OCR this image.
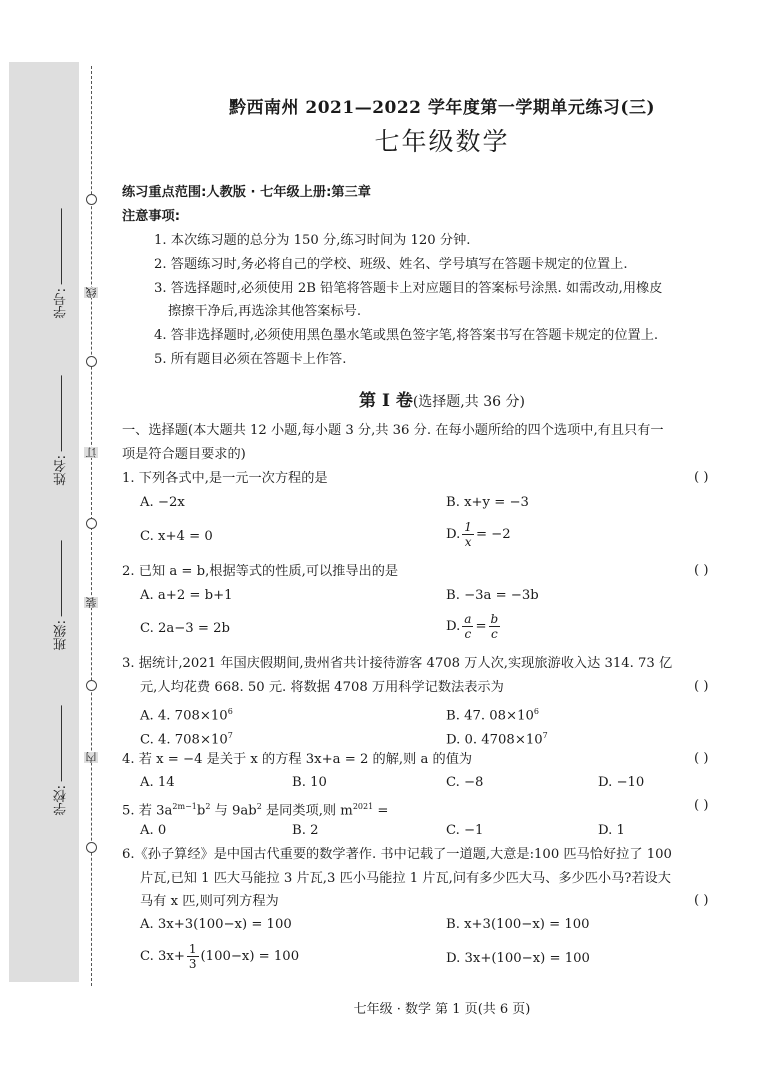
线
订
装
内
学号:
姓名:
班级:
学校:
黔西南州 2021—2022 学年度第一学期单元练习(三)
七年级数学
练习重点范围:人教版 · 七年级上册:第三章
注意事项:
1. 本次练习题的总分为 150 分,练习时间为 120 分钟.
2. 答题练习时,务必将自己的学校、班级、姓名、学号填写在答题卡规定的位置上.
3. 答选择题时,必须使用 2B 铅笔将答题卡上对应题目的答案标号涂黑. 如需改动,用橡皮
擦擦干净后,再选涂其他答案标号.
4. 答非选择题时,必须使用黑色墨水笔或黑色签字笔,将答案书写在答题卡规定的位置上.
5. 所有题目必须在答题卡上作答.
第 Ⅰ 卷(选择题,共 36 分)
一、选择题(本大题共 12 小题,每小题 3 分,共 36 分. 在每小题所给的四个选项中,有且只有一
项是符合题目要求的)
1. 下列各式中,是一元一次方程的是	( )
A. −2x	B. x+y = −3
C. x+4 = 0	D. $\frac{1}{x} = -2$
2. 已知 a = b,根据等式的性质,可以推导出的是	( )
A. a+2 = b+1	B. −3a = −3b
C. 2a−3 = 2b	D. $\frac{a}{c} = \frac{b}{c}$
3. 据统计,2021 年国庆假期间,贵州省共计接待游客 4708 万人次,实现旅游收入达 314. 73 亿
元,人均花费 668. 50 元. 将数据 4708 万用科学记数法表示为	( )
A. 4. $708\times 10^6$	B. 47. $08\times 10^6$
C. 4. $708\times 10^7$	D. 0. $4708\times 10^7$
4. 若 x = −4 是关于 x 的方程 3x+a = 2 的解,则 a 的值为	( )
A. 14	B. 10	C. −8	D. −10
5. 若 $3a^{2m-1}b^2$ 与 $9ab^2$ 是同类项,则 $m^{2021}$ =	( )
A. 0	B. 2	C. −1	D. 1
6.《孙子算经》是中国古代重要的数学著作. 书中记载了一道题,大意是:100 匹马恰好拉了 100
片瓦,已知 1 匹大马能拉 3 片瓦,3 匹小马能拉 1 片瓦,问有多少匹大马、多少匹小马?若设大
马有 x 匹,则可列方程为	( )
A. 3x+3(100−x) = 100	B. x+3(100−x) = 100
C. $3x+ \frac{1}{3} (100-x) = 100$	D. 3x+(100−x) = 100
七年级 · 数学 第 1 页(共 6 页)
